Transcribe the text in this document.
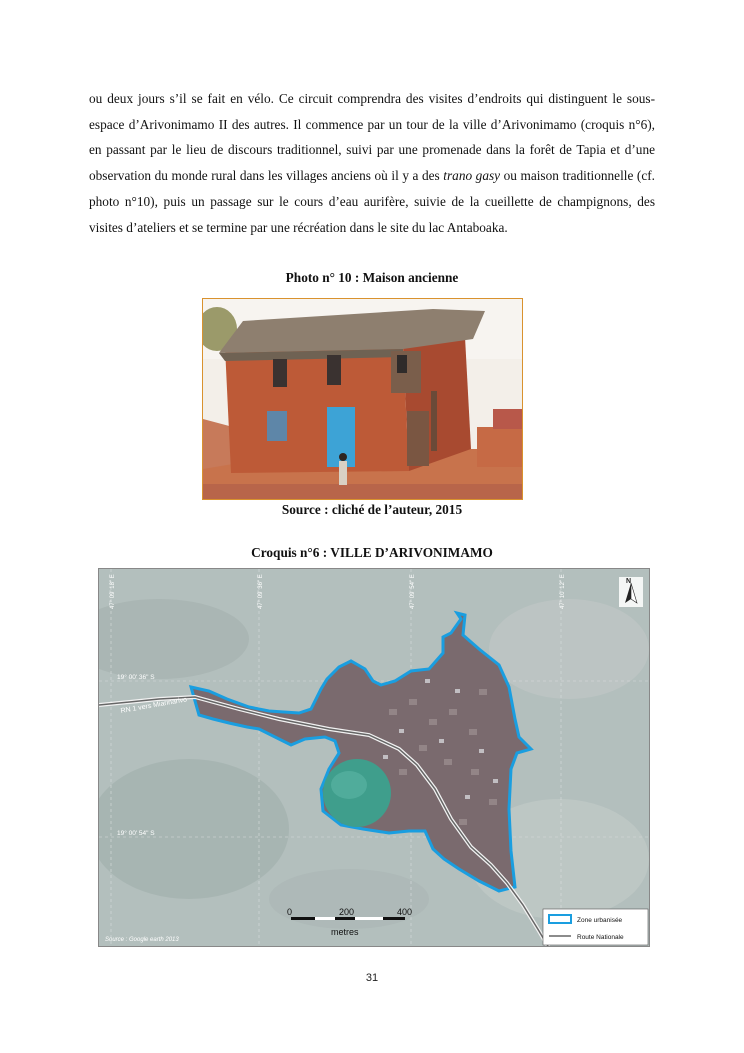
ou deux jours s’il se fait en vélo. Ce circuit comprendra des visites d’endroits qui distinguent le sous-espace d’Arivonimamo II des autres. Il commence par un tour de la ville d’Arivonimamo (croquis n°6), en passant par le lieu de discours traditionnel, suivi par une promenade dans la forêt de Tapia et d’une observation du monde rural dans les villages anciens où il y a des trano gasy ou maison traditionnelle (cf. photo n°10), puis un passage sur le cours d’eau aurifère, suivie de la cueillette de champignons, des visites d’ateliers et se termine par une récréation dans le site du lac Antaboaka.

Photo n° 10 : Maison ancienne
Source : cliché de l’auteur, 2015
Croquis n°6 : VILLE D’ARIVONIMAMO
47° 09' 18" E	47° 09' 36" E	47° 09' 54" E	47° 10' 12" E
19° 00' 36" S
19° 00' 54" S
RN 1 vers Miarinarivo
N
0	200	400
metres
Source : Google earth 2013
Zone urbanisée
Route Nationale
31
